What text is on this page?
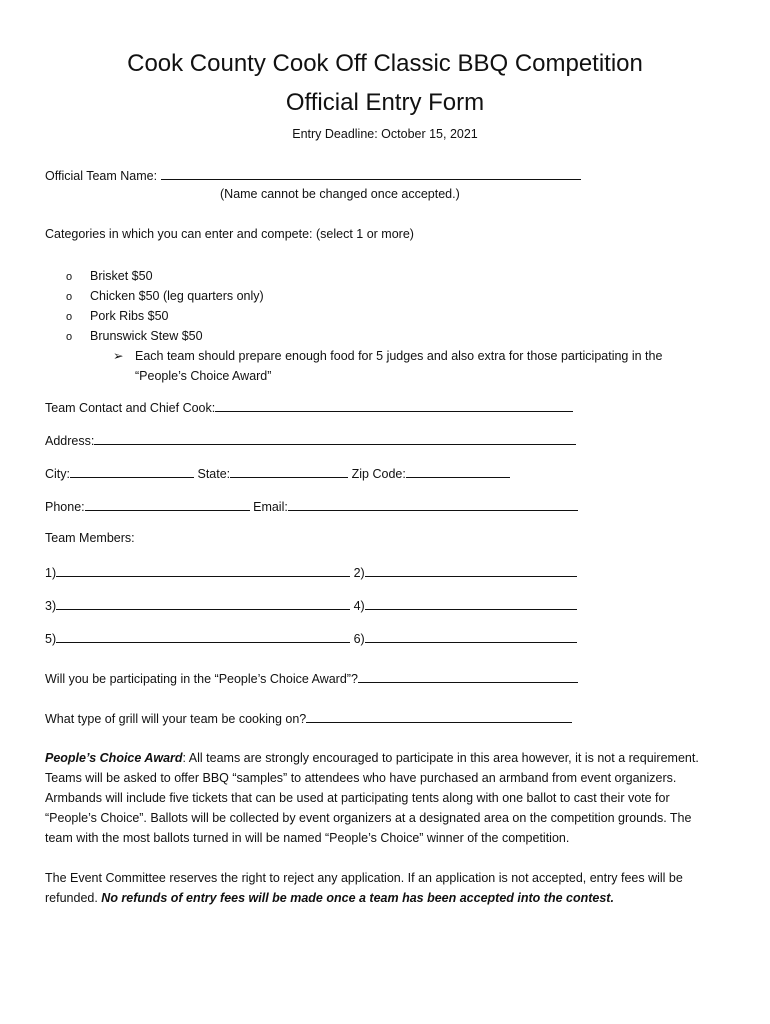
Cook County Cook Off Classic BBQ Competition
Official Entry Form
Entry Deadline: October 15, 2021
Official Team Name:
(Name cannot be changed once accepted.)
Categories in which you can enter and compete: (select 1 or more)
o Brisket $50
o Chicken $50 (leg quarters only)
o Pork Ribs $50
o Brunswick Stew $50
➢ Each team should prepare enough food for 5 judges and also extra for those participating in the
“People’s Choice Award”
Team Contact and Chief Cook:
Address:
City:	State:	Zip Code:
Phone:	Email:
Team Members:
1)	2)
3)	4)
5)	6)
Will you be participating in the “People’s Choice Award”?
What type of grill will your team be cooking on?
People’s Choice Award: All teams are strongly encouraged to participate in this area however, it is not a requirement. Teams will be asked to offer BBQ “samples” to attendees who have purchased an armband from event organizers. Armbands will include five tickets that can be used at participating tents along with one ballot to cast their vote for “People’s Choice”. Ballots will be collected by event organizers at a designated area on the competition grounds. The team with the most ballots turned in will be named “People’s Choice” winner of the competition.
The Event Committee reserves the right to reject any application. If an application is not accepted, entry fees will be refunded. No refunds of entry fees will be made once a team has been accepted into the contest.
